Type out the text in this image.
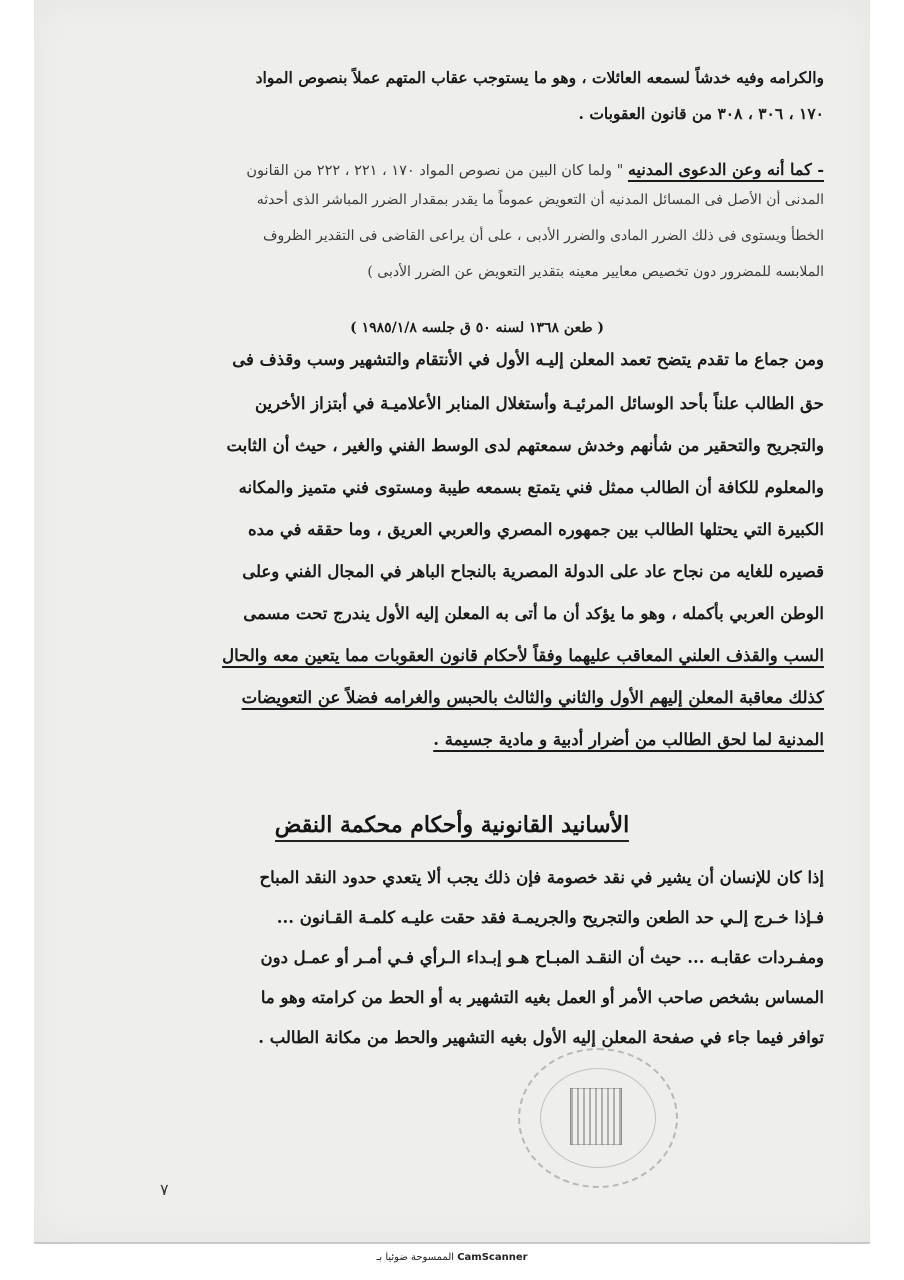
والكرامه وفيه خدشاً لسمعه العائلات ، وهو ما يستوجب عقاب المتهم عملاً بنصوص المواد

١٧٠ ، ٣٠٦ ، ٣٠٨ من قانون العقوبات .

- كما أنه وعن الدعوى المدنيه " ولما كان البين من نصوص المواد ١٧٠ ، ٢٢١ ، ٢٢٢ من القانون

المدنى أن الأصل فى المسائل المدنيه أن التعويض عموماً ما يقدر بمقدار الضرر المباشر الذى أحدثه

الخطأ ويستوى فى ذلك الضرر المادى والضرر الأدبى ، على أن يراعى القاضى فى التقدير الظروف

الملابسه للمضرور دون تخصيص معايير معينه بتقدير التعويض عن الضرر الأدبى )

( طعن ١٣٦٨ لسنه ٥٠ ق جلسه ١٩٨٥/١/٨ )

ومن جماع ما تقدم يتضح تعمد المعلن إليـه الأول في الأنتقام والتشهير وسب وقذف فى

حق الطالب علناً بأحد الوسائل المرئيـة وأستغلال المنابر الأعلاميـة في أبتزاز الأخرين

والتجريح والتحقير من شأنهم وخدش سمعتهم لدى الوسط الفني والغير ، حيث أن الثابت

والمعلوم للكافة أن الطالب ممثل فني يتمتع بسمعه طيبة ومستوى فني متميز والمكانه

الكبيرة التي يحتلها الطالب بين جمهوره المصري والعربي العريق ، وما حققه في مده

قصيره للغايه من نجاح عاد على الدولة المصرية بالنجاح الباهر في المجال الفني وعلى

الوطن العربي بأكمله ، وهو ما يؤكد أن ما أتى به المعلن إليه الأول يندرج تحت مسمى

السب والقذف العلني المعاقب عليهما وفقاً لأحكام قانون العقوبات مما يتعين معه والحال

كذلك معاقبة المعلن إليهم الأول والثاني والثالث بالحبس والغرامه فضلاً عن التعويضات

المدنية لما لحق الطالب من أضرار أدبية و مادية جسيمة .

الأسانيد القانونية وأحكام محكمة النقض

إذا كان للإنسان أن يشير في نقد خصومة فإن ذلك يجب ألا يتعدي حدود النقد المباح

فـإذا خـرج إلـي حد الطعن والتجريح والجريمـة فقد حقت عليـه كلمـة القـانون ...

ومفـردات عقابـه ... حيث أن النقـد المبـاح هـو إبـداء الـرأي فـي أمـر أو عمـل دون

المساس بشخص صاحب الأمر أو العمل بغيه التشهير به أو الحط من كرامته وهو ما

توافر فيما جاء في صفحة المعلن إليه الأول بغيه التشهير والحط من مكانة الطالب .

٧
الممسوحة ضوئيا بـ CamScanner
